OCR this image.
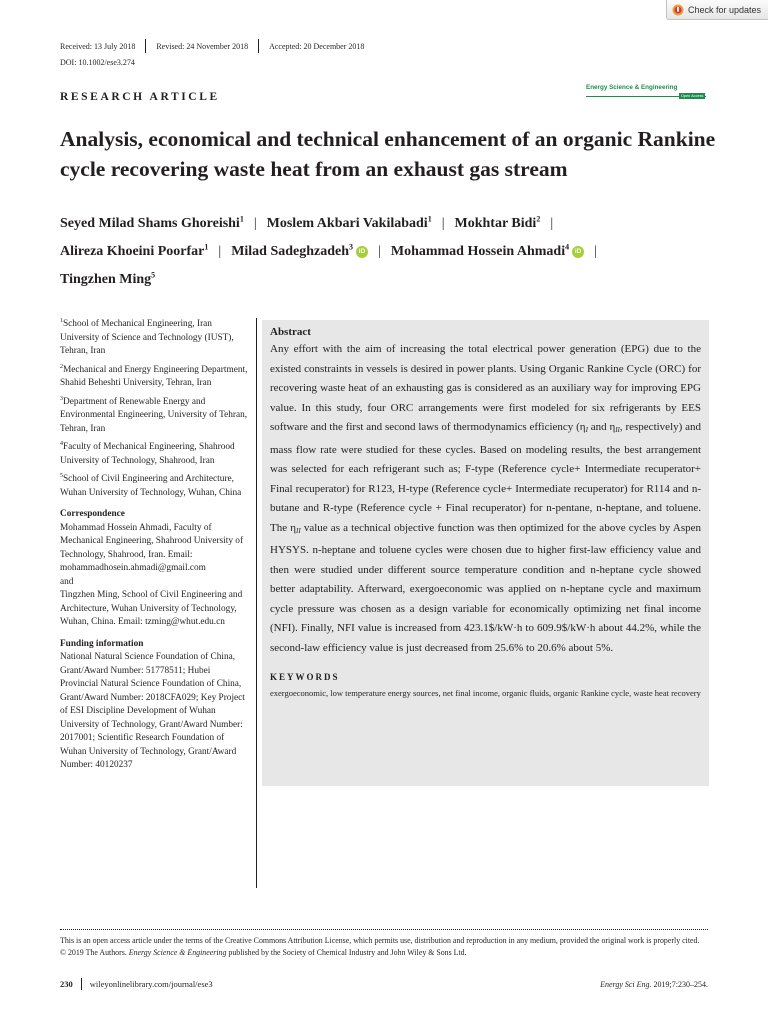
Check for updates
Received: 13 July 2018	Revised: 24 November 2018	Accepted: 20 December 2018
DOI: 10.1002/ese3.274
RESEARCH ARTICLE
Energy Science & Engineering
Open Access
Analysis, economical and technical enhancement of an organic Rankine cycle recovering waste heat from an exhaust gas stream
Seyed Milad Shams Ghoreishi$^1$ | Moslem Akbari Vakilabadi$^1$ | Mokhtar Bidi$^2$ |
Alireza Khoeini Poorfar$^1$ | Milad Sadeghzadeh$^3$iD | Mohammad Hossein Ahmadi$^4$iD |
Tingzhen Ming$^5$

$^1$School of Mechanical Engineering, Iran University of Science and Technology (IUST), Tehran, Iran

$^2$Mechanical and Energy Engineering Department, Shahid Beheshti University, Tehran, Iran

$^3$Department of Renewable Energy and Environmental Engineering, University of Tehran, Tehran, Iran

$^4$Faculty of Mechanical Engineering, Shahrood University of Technology, Shahrood, Iran

$^5$School of Civil Engineering and Architecture, Wuhan University of Technology, Wuhan, China

Correspondence
Mohammad Hossein Ahmadi, Faculty of Mechanical Engineering, Shahrood University of Technology, Shahrood, Iran. Email: mohammadhosein.ahmadi@gmail.com
and
Tingzhen Ming, School of Civil Engineering and Architecture, Wuhan University of Technology, Wuhan, China. Email: tzming@whut.edu.cn
Funding information
National Natural Science Foundation of China, Grant/Award Number: 51778511; Hubei Provincial Natural Science Foundation of China, Grant/Award Number: 2018CFA029; Key Project of ESI Discipline Development of Wuhan University of Technology, Grant/Award Number: 2017001; Scientific Research Foundation of Wuhan University of Technology, Grant/Award Number: 40120237
Abstract

Any effort with the aim of increasing the total electrical power generation (EPG) due to the existed constraints in vessels is desired in power plants. Using Organic Rankine Cycle (ORC) for recovering waste heat of an exhausting gas is considered as an auxiliary way for improving EPG value. In this study, four ORC arrangements were first modeled for six refrigerants by EES software and the first and second laws of thermodynamics efficiency ($\eta_I$ and $\eta_{II}$, respectively) and mass flow rate were studied for these cycles. Based on modeling results, the best arrangement was selected for each refrigerant such as; F-type (Reference cycle+ Intermediate recuperator+ Final recuperator) for R123, H-type (Reference cycle+ Intermediate recuperator) for R114 and n-butane and R-type (Reference cycle + Final recuperator) for n-pentane, n-heptane, and toluene. The $\eta_{II}$ value as a technical objective function was then optimized for the above cycles by Aspen HYSYS. n-heptane and toluene cycles were chosen due to higher first-law efficiency value and then were studied under different source temperature condition and n-heptane cycle showed better adaptability. Afterward, exergoeconomic was applied on n-heptane cycle and maximum cycle pressure was chosen as a design variable for economically optimizing net final income (NFI). Finally, NFI value is increased from 423.1$/kW·h to 609.9$/kW·h about 44.2%, while the second-law efficiency value is just decreased from 25.6% to 20.6% about 5%.

KEYWORDS
exergoeconomic, low temperature energy sources, net final income, organic fluids, organic Rankine cycle, waste heat recovery

This is an open access article under the terms of the Creative Commons Attribution License, which permits use, distribution and reproduction in any medium, provided the original work is properly cited.

© 2019 The Authors. Energy Science & Engineering published by the Society of Chemical Industry and John Wiley & Sons Ltd.

230 wileyonlinelibrary.com/journal/ese3	Energy Sci Eng. 2019;7:230–254.
